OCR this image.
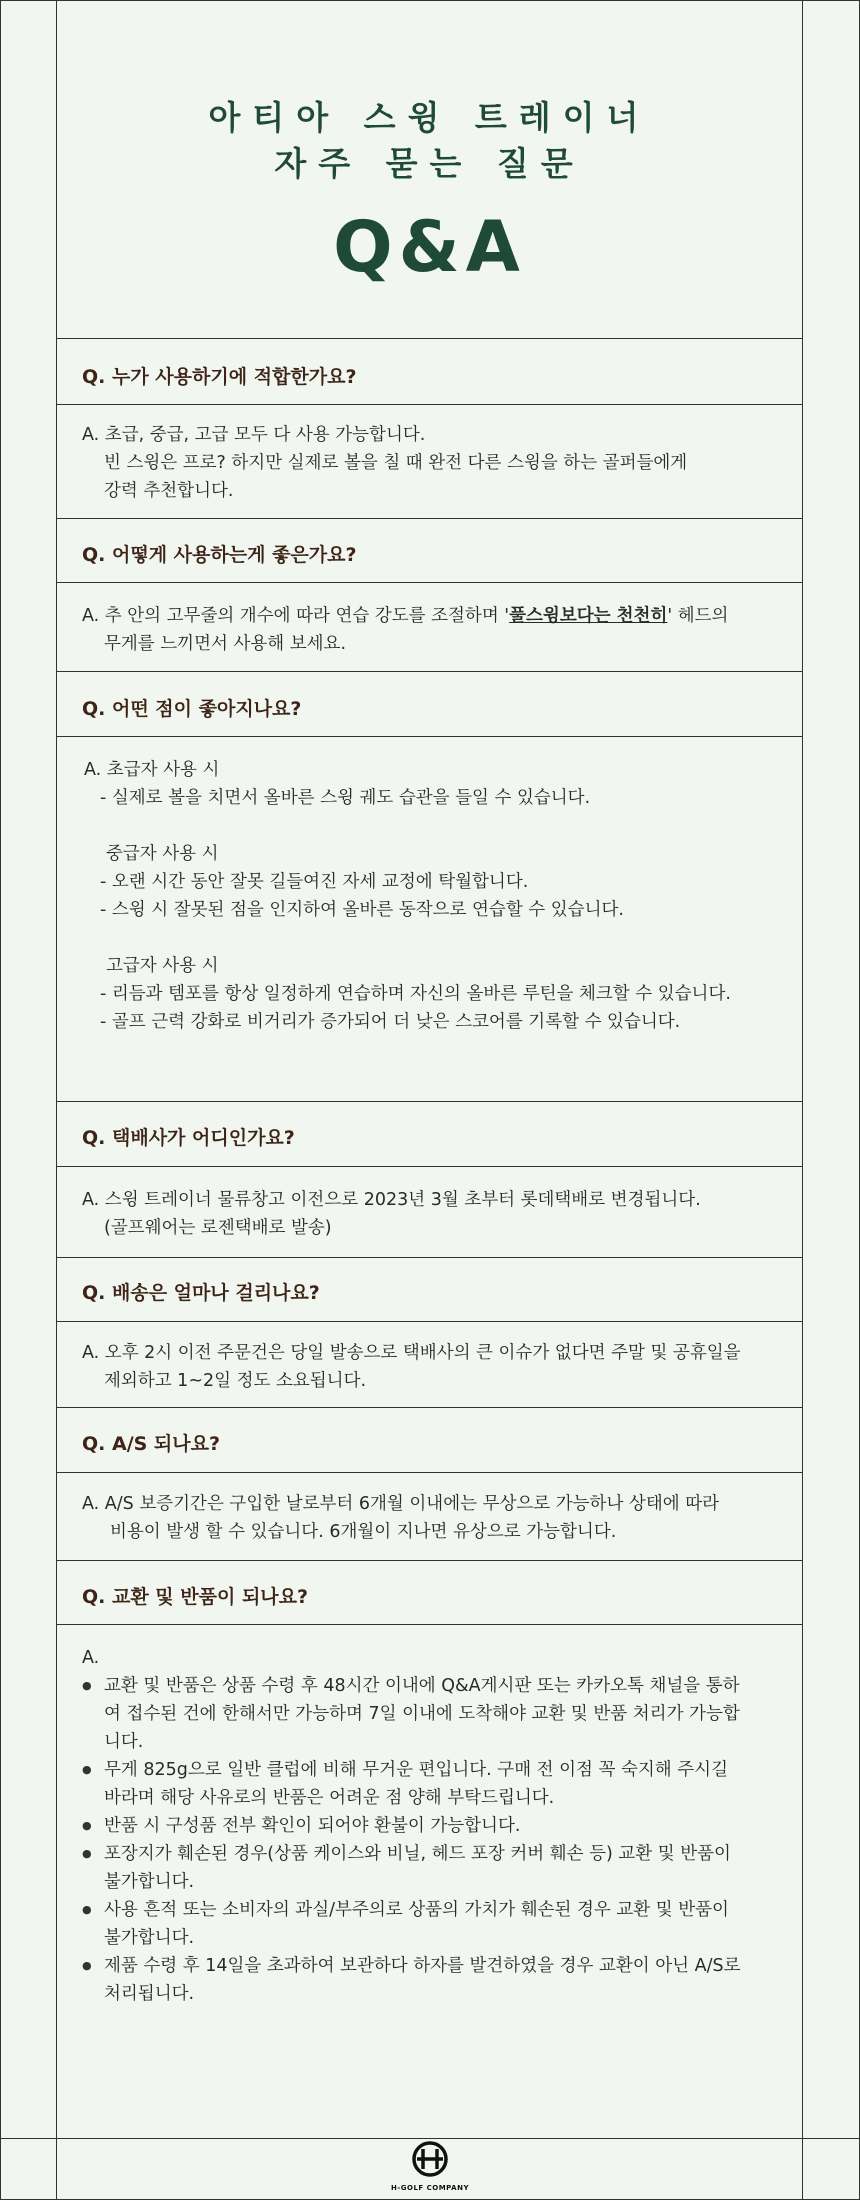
아티아 스윙 트레이너
자주 묻는 질문
Q&A
Q. 누가 사용하기에 적합한가요?
A. 초급, 중급, 고급 모두 다 사용 가능합니다.
빈 스윙은 프로? 하지만 실제로 볼을 칠 때 완전 다른 스윙을 하는 골퍼들에게
강력 추천합니다.
Q. 어떻게 사용하는게 좋은가요?
A. 추 안의 고무줄의 개수에 따라 연습 강도를 조절하며 '풀스윙보다는 천천히' 헤드의
무게를 느끼면서 사용해 보세요.
Q. 어떤 점이 좋아지나요?
A. 초급자 사용 시
- 실제로 볼을 치면서 올바른 스윙 궤도 습관을 들일 수 있습니다.
중급자 사용 시
- 오랜 시간 동안 잘못 길들여진 자세 교정에 탁월합니다.
- 스윙 시 잘못된 점을 인지하여 올바른 동작으로 연습할 수 있습니다.
고급자 사용 시
- 리듬과 템포를 항상 일정하게 연습하며 자신의 올바른 루틴을 체크할 수 있습니다.
- 골프 근력 강화로 비거리가 증가되어 더 낮은 스코어를 기록할 수 있습니다.
Q. 택배사가 어디인가요?
A. 스윙 트레이너 물류창고 이전으로 2023년 3월 초부터 롯데택배로 변경됩니다.
(골프웨어는 로젠택배로 발송)
Q. 배송은 얼마나 걸리나요?
A. 오후 2시 이전 주문건은 당일 발송으로 택배사의 큰 이슈가 없다면 주말 및 공휴일을
제외하고 1~2일 정도 소요됩니다.
Q. A/S 되나요?
A. A/S 보증기간은 구입한 날로부터 6개월 이내에는 무상으로 가능하나 상태에 따라
비용이 발생 할 수 있습니다. 6개월이 지나면 유상으로 가능합니다.
Q. 교환 및 반품이 되나요?
A.
● 교환 및 반품은 상품 수령 후 48시간 이내에 Q&A게시판 또는 카카오톡 채널을 통하
여 접수된 건에 한해서만 가능하며 7일 이내에 도착해야 교환 및 반품 처리가 가능합
니다.
● 무게 825g으로 일반 클럽에 비해 무거운 편입니다. 구매 전 이점 꼭 숙지해 주시길
바라며 해당 사유로의 반품은 어려운 점 양해 부탁드립니다.
● 반품 시 구성품 전부 확인이 되어야 환불이 가능합니다.
● 포장지가 훼손된 경우(상품 케이스와 비닐, 헤드 포장 커버 훼손 등) 교환 및 반품이
불가합니다.
● 사용 흔적 또는 소비자의 과실/부주의로 상품의 가치가 훼손된 경우 교환 및 반품이
불가합니다.
● 제품 수령 후 14일을 초과하여 보관하다 하자를 발견하였을 경우 교환이 아닌 A/S로
처리됩니다.
H-GOLF COMPANY
